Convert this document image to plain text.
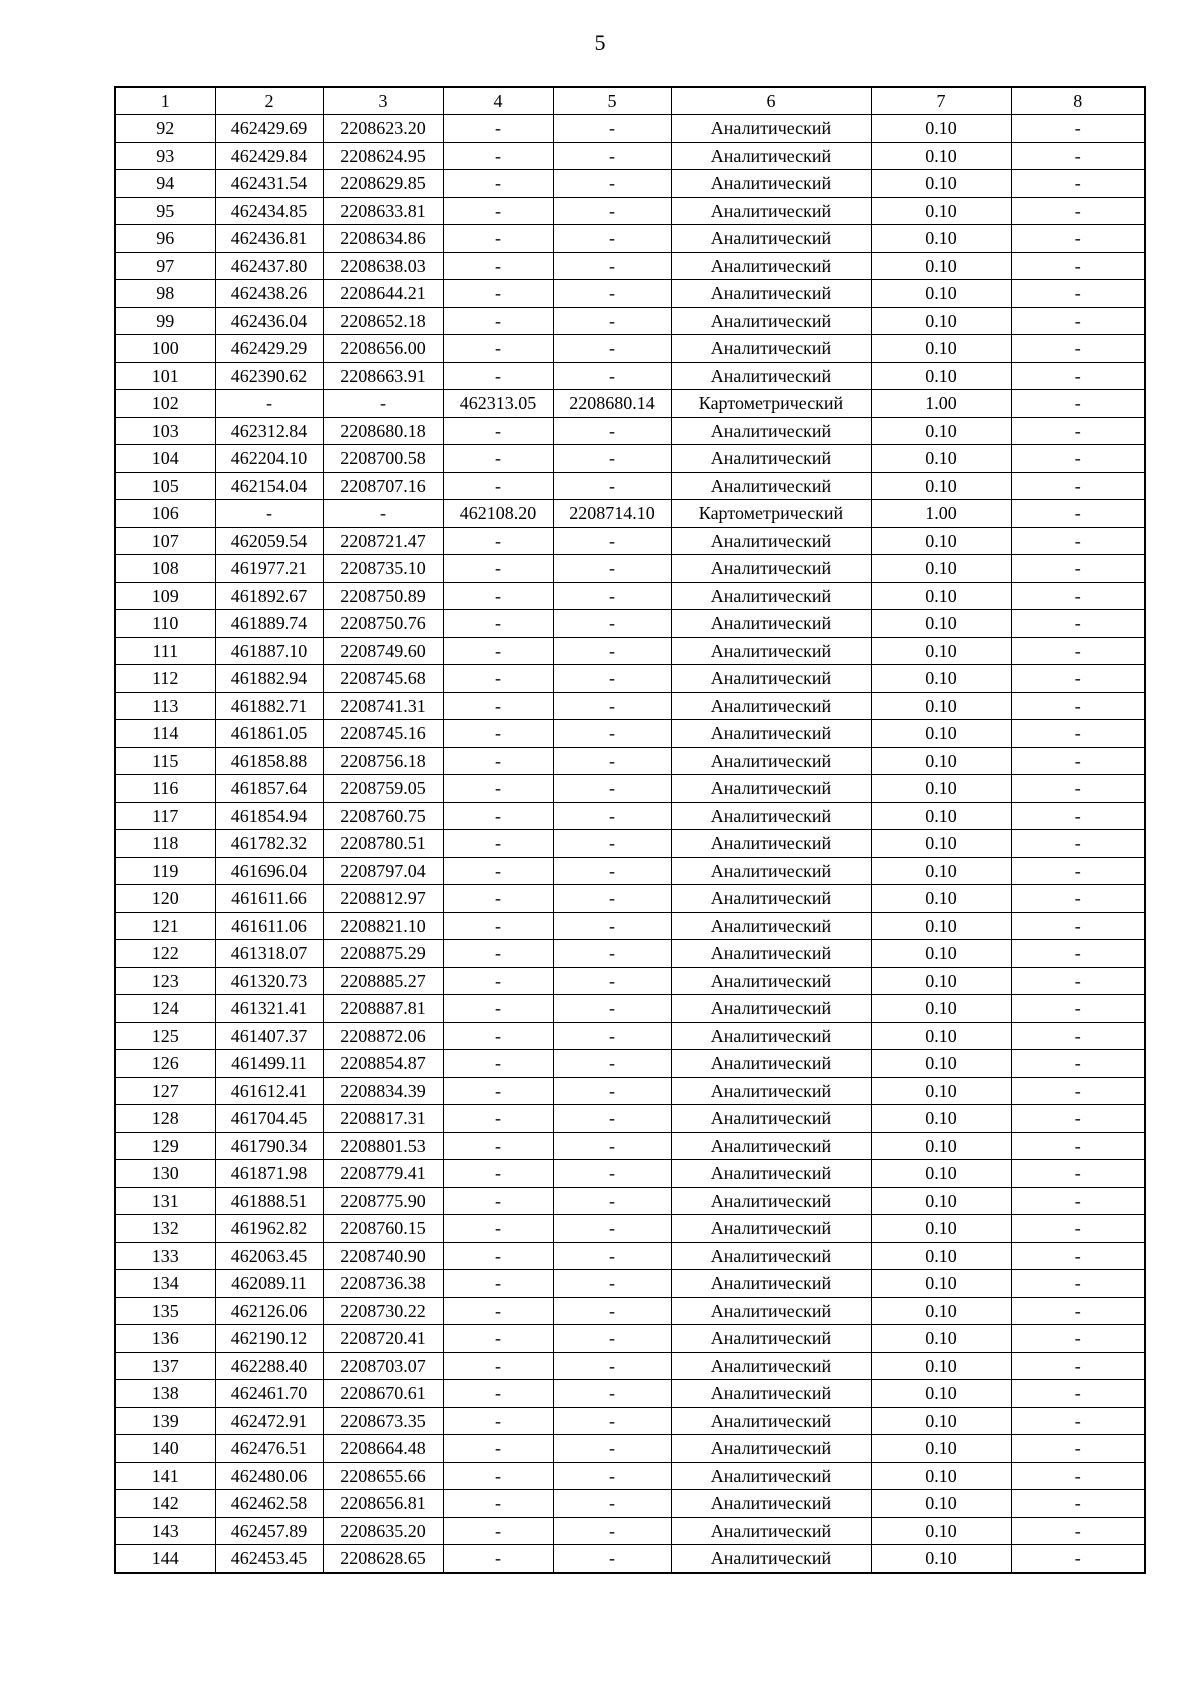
5
1	2	3	4	5	6	7	8
92	462429.69	2208623.20	-	-	Аналитический	0.10	-
93	462429.84	2208624.95	-	-	Аналитический	0.10	-
94	462431.54	2208629.85	-	-	Аналитический	0.10	-
95	462434.85	2208633.81	-	-	Аналитический	0.10	-
96	462436.81	2208634.86	-	-	Аналитический	0.10	-
97	462437.80	2208638.03	-	-	Аналитический	0.10	-
98	462438.26	2208644.21	-	-	Аналитический	0.10	-
99	462436.04	2208652.18	-	-	Аналитический	0.10	-
100	462429.29	2208656.00	-	-	Аналитический	0.10	-
101	462390.62	2208663.91	-	-	Аналитический	0.10	-
102	-	-	462313.05	2208680.14	Картометрический	1.00	-
103	462312.84	2208680.18	-	-	Аналитический	0.10	-
104	462204.10	2208700.58	-	-	Аналитический	0.10	-
105	462154.04	2208707.16	-	-	Аналитический	0.10	-
106	-	-	462108.20	2208714.10	Картометрический	1.00	-
107	462059.54	2208721.47	-	-	Аналитический	0.10	-
108	461977.21	2208735.10	-	-	Аналитический	0.10	-
109	461892.67	2208750.89	-	-	Аналитический	0.10	-
110	461889.74	2208750.76	-	-	Аналитический	0.10	-
111	461887.10	2208749.60	-	-	Аналитический	0.10	-
112	461882.94	2208745.68	-	-	Аналитический	0.10	-
113	461882.71	2208741.31	-	-	Аналитический	0.10	-
114	461861.05	2208745.16	-	-	Аналитический	0.10	-
115	461858.88	2208756.18	-	-	Аналитический	0.10	-
116	461857.64	2208759.05	-	-	Аналитический	0.10	-
117	461854.94	2208760.75	-	-	Аналитический	0.10	-
118	461782.32	2208780.51	-	-	Аналитический	0.10	-
119	461696.04	2208797.04	-	-	Аналитический	0.10	-
120	461611.66	2208812.97	-	-	Аналитический	0.10	-
121	461611.06	2208821.10	-	-	Аналитический	0.10	-
122	461318.07	2208875.29	-	-	Аналитический	0.10	-
123	461320.73	2208885.27	-	-	Аналитический	0.10	-
124	461321.41	2208887.81	-	-	Аналитический	0.10	-
125	461407.37	2208872.06	-	-	Аналитический	0.10	-
126	461499.11	2208854.87	-	-	Аналитический	0.10	-
127	461612.41	2208834.39	-	-	Аналитический	0.10	-
128	461704.45	2208817.31	-	-	Аналитический	0.10	-
129	461790.34	2208801.53	-	-	Аналитический	0.10	-
130	461871.98	2208779.41	-	-	Аналитический	0.10	-
131	461888.51	2208775.90	-	-	Аналитический	0.10	-
132	461962.82	2208760.15	-	-	Аналитический	0.10	-
133	462063.45	2208740.90	-	-	Аналитический	0.10	-
134	462089.11	2208736.38	-	-	Аналитический	0.10	-
135	462126.06	2208730.22	-	-	Аналитический	0.10	-
136	462190.12	2208720.41	-	-	Аналитический	0.10	-
137	462288.40	2208703.07	-	-	Аналитический	0.10	-
138	462461.70	2208670.61	-	-	Аналитический	0.10	-
139	462472.91	2208673.35	-	-	Аналитический	0.10	-
140	462476.51	2208664.48	-	-	Аналитический	0.10	-
141	462480.06	2208655.66	-	-	Аналитический	0.10	-
142	462462.58	2208656.81	-	-	Аналитический	0.10	-
143	462457.89	2208635.20	-	-	Аналитический	0.10	-
144	462453.45	2208628.65	-	-	Аналитический	0.10	-
